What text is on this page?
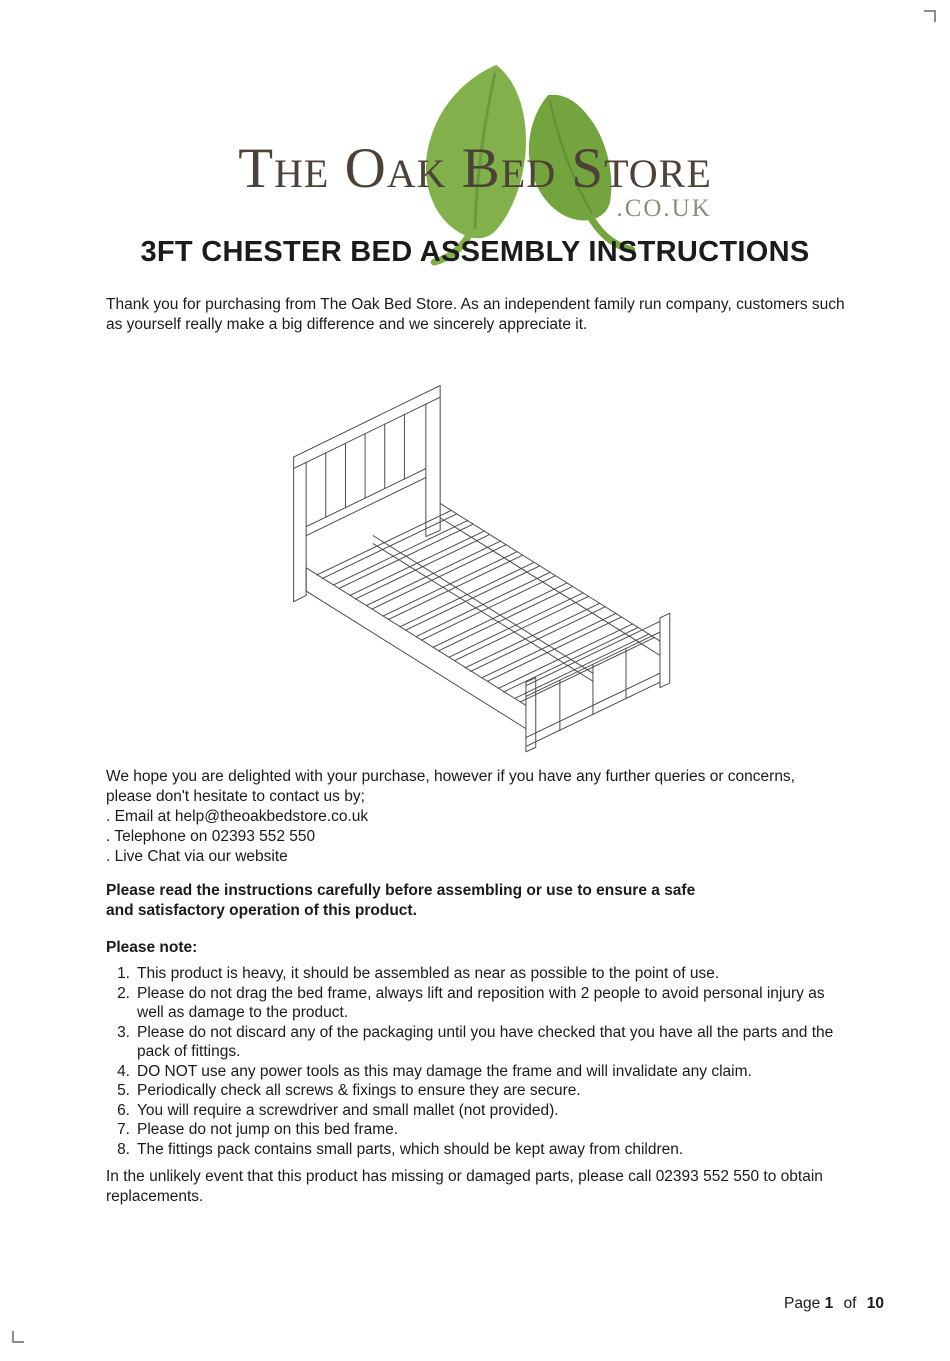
The Oak Bed Store
.CO.UK
3FT CHESTER BED ASSEMBLY INSTRUCTIONS
Thank you for purchasing from The Oak Bed Store. As an independent family run company, customers such as yourself really make a big difference and we sincerely appreciate it.
We hope you are delighted with your purchase, however if you have any further queries or concerns,
please don't hesitate to contact us by;
. Email at help@theoakbedstore.co.uk
. Telephone on 02393 552 550
. Live Chat via our website
Please read the instructions carefully before assembling or use to ensure a safe
and satisfactory operation of this product.
Please note:
1. This product is heavy, it should be assembled as near as possible to the point of use.
2. Please do not drag the bed frame, always lift and reposition with 2 people to avoid personal injury as well as damage to the product.
3. Please do not discard any of the packaging until you have checked that you have all the parts and the pack of fittings.
4. DO NOT use any power tools as this may damage the frame and will invalidate any claim.
5. Periodically check all screws & fixings to ensure they are secure.
6. You will require a screwdriver and small mallet (not provided).
7. Please do not jump on this bed frame.
8. The fittings pack contains small parts, which should be kept away from children.
In the unlikely event that this product has missing or damaged parts, please call 02393 552 550 to obtain replacements.
Page 1 of 10
